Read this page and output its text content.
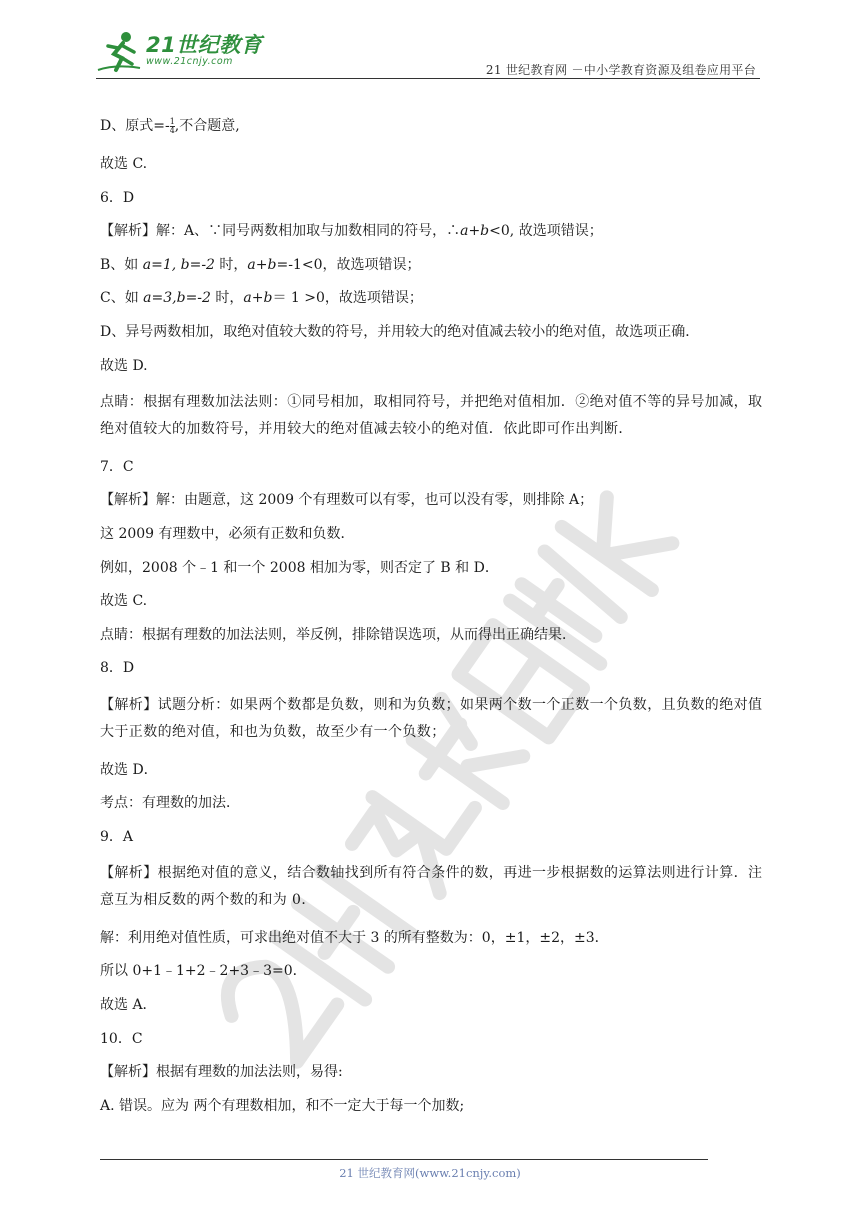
21世纪教育
www.21cnjy.com
21 世纪教育网 －中小学教育资源及组卷应用平台
D、原式=- $\frac{1}{4}$ ,不合题意,
故选 C.
6．D
【解析】解：A、∵同号两数相加取与加数相同的符号，∴a+b<0, 故选项错误；
B、如 a=1, b=-2 时，a+b=-1<0，故选项错误；
C、如 a=3,b=-2 时，a+b＝ 1 >0，故选项错误；
D、异号两数相加，取绝对值较大数的符号，并用较大的绝对值减去较小的绝对值，故选项正确．
故选 D.
点睛：根据有理数加法法则：①同号相加，取相同符号，并把绝对值相加．②绝对值不等的异号加减，取绝对值较大的加数符号，并用较大的绝对值减去较小的绝对值．依此即可作出判断．
7．C
【解析】解：由题意，这 2009 个有理数可以有零，也可以没有零，则排除 A；
这 2009 有理数中，必须有正数和负数．
例如，2008 个﹣1 和一个 2008 相加为零，则否定了 B 和 D．
故选 C.
点睛：根据有理数的加法法则，举反例，排除错误选项，从而得出正确结果．
8．D
【解析】试题分析：如果两个数都是负数，则和为负数；如果两个数一个正数一个负数，且负数的绝对值大于正数的绝对值，和也为负数，故至少有一个负数；
故选 D．
考点：有理数的加法．
9．A
【解析】根据绝对值的意义，结合数轴找到所有符合条件的数，再进一步根据数的运算法则进行计算．注意互为相反数的两个数的和为 0．
解：利用绝对值性质，可求出绝对值不大于 3 的所有整数为：0，±1，±2，±3．
所以 0+1﹣1+2﹣2+3﹣3=0．
故选 A．
10．C
【解析】根据有理数的加法法则，易得:
A. 错误。应为 两个有理数相加，和不一定大于每一个加数;
21 世纪教育网(www.21cnjy.com)
